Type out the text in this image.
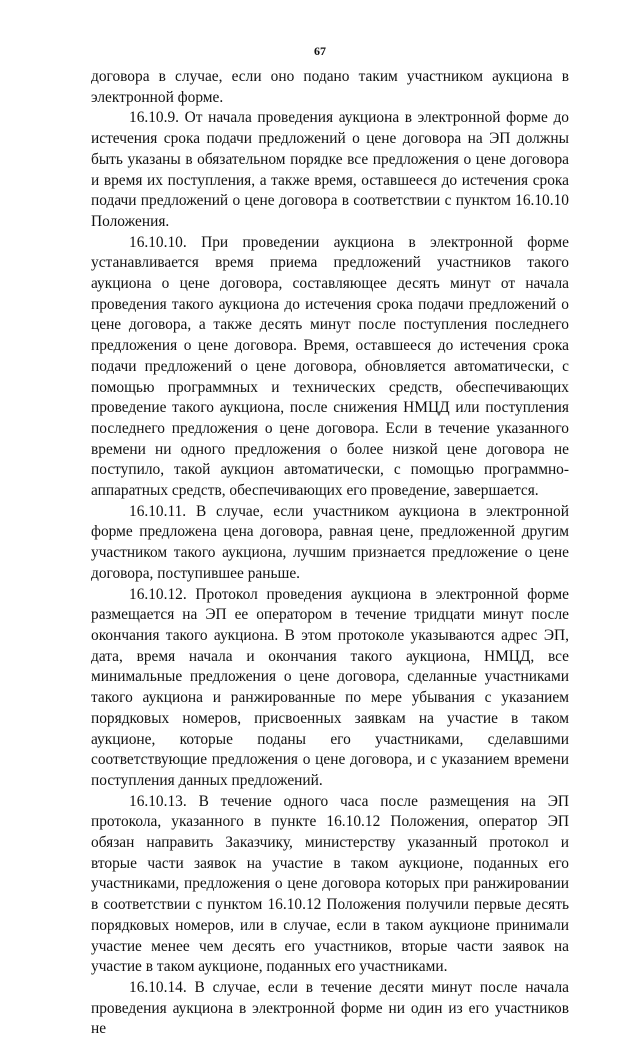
67

договора в случае, если оно подано таким участником аукциона в электронной форме.

16.10.9. От начала проведения аукциона в электронной форме до истечения срока подачи предложений о цене договора на ЭП должны быть указаны в обязательном порядке все предложения о цене договора и время их поступления, а также время, оставшееся до истечения срока подачи предложений о цене договора в соответствии с пунктом 16.10.10 Положения.

16.10.10. При проведении аукциона в электронной форме устанавливается время приема предложений участников такого аукциона о цене договора, составляющее десять минут от начала проведения такого аукциона до истечения срока подачи предложений о цене договора, а также десять минут после поступления последнего предложения о цене договора. Время, оставшееся до истечения срока подачи предложений о цене договора, обновляется автоматически, с помощью программных и технических средств, обеспечивающих проведение такого аукциона, после снижения НМЦД или поступления последнего предложения о цене договора. Если в течение указанного времени ни одного предложения о более низкой цене договора не поступило, такой аукцион автоматически, с помощью программно-аппаратных средств, обеспечивающих его проведение, завершается.

16.10.11. В случае, если участником аукциона в электронной форме предложена цена договора, равная цене, предложенной другим участником такого аукциона, лучшим признается предложение о цене договора, поступившее раньше.

16.10.12. Протокол проведения аукциона в электронной форме размещается на ЭП ее оператором в течение тридцати минут после окончания такого аукциона. В этом протоколе указываются адрес ЭП, дата, время начала и окончания такого аукциона, НМЦД, все минимальные предложения о цене договора, сделанные участниками такого аукциона и ранжированные по мере убывания с указанием порядковых номеров, присвоенных заявкам на участие в таком аукционе, которые поданы его участниками, сделавшими соответствующие предложения о цене договора, и с указанием времени поступления данных предложений.

16.10.13. В течение одного часа после размещения на ЭП протокола, указанного в пункте 16.10.12 Положения, оператор ЭП обязан направить Заказчику, министерству указанный протокол и вторые части заявок на участие в таком аукционе, поданных его участниками, предложения о цене договора которых при ранжировании в соответствии с пунктом 16.10.12 Положения получили первые десять порядковых номеров, или в случае, если в таком аукционе принимали участие менее чем десять его участников, вторые части заявок на участие в таком аукционе, поданных его участниками.

16.10.14. В случае, если в течение десяти минут после начала проведения аукциона в электронной форме ни один из его участников не
